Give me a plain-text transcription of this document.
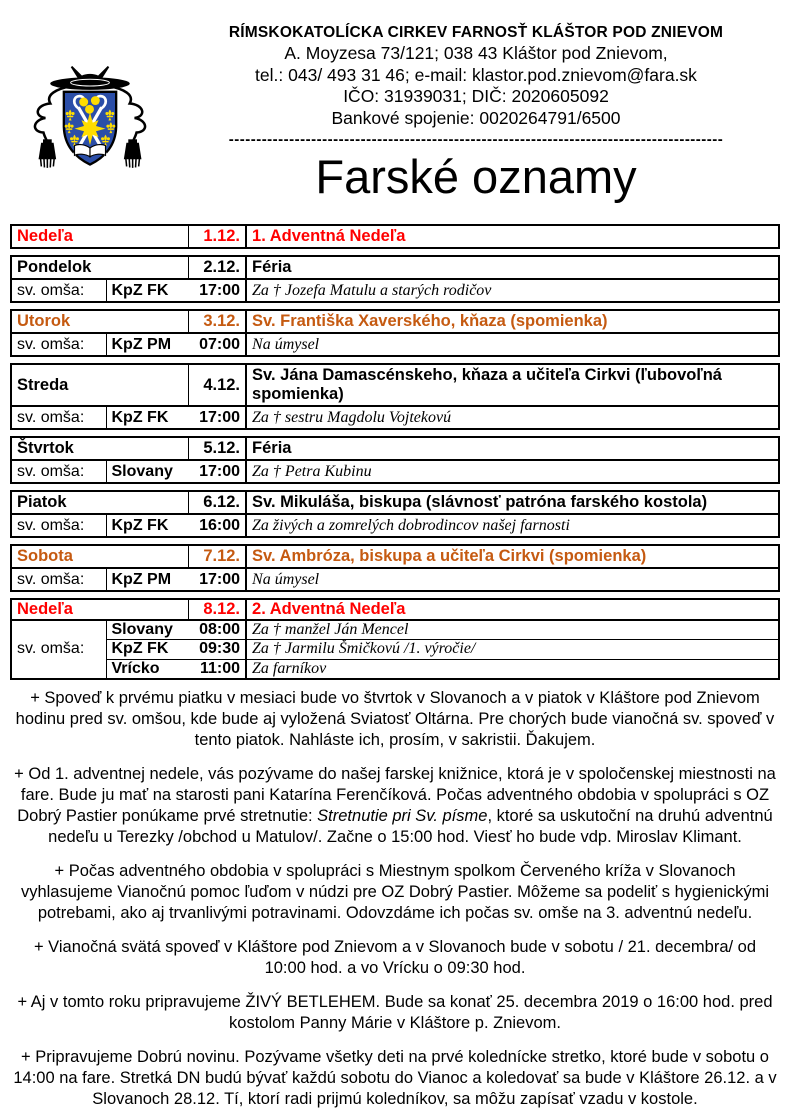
RÍMSKOKATOLÍCKA CIRKEV FARNOSŤ KLÁŠTOR POD ZNIEVOM
A. Moyzesa 73/121; 038 43 Kláštor pod Znievom,
tel.: 043/ 493 31 46; e-mail: klastor.pod.znievom@fara.sk
IČO: 31939031; DIČ: 2020605092
Bankové spojenie: 0020264791/6500
------------------------------------------------------------------------------------------
Farské oznamy
Nedeľa	1.12.	1. Adventná Nedeľa
Pondelok		2.12.	Féria
sv. omša:	KpZ FK	17:00	Za † Jozefa Matulu a starých rodičov
Utorok		3.12.	Sv. Františka Xaverského, kňaza (spomienka)
sv. omša:	KpZ PM	07:00	Na úmysel
Streda		4.12.	Sv. Jána Damascénskeho, kňaza a učiteľa Cirkvi (ľubovoľná spomienka)
sv. omša:	KpZ FK	17:00	Za † sestru Magdolu Vojtekovú
Štvrtok		5.12.	Féria
sv. omša:	Slovany	17:00	Za † Petra Kubinu
Piatok		6.12.	Sv. Mikuláša, biskupa (slávnosť patróna farského kostola)
sv. omša:	KpZ FK	16:00	Za živých a zomrelých dobrodincov našej farnosti
Sobota		7.12.	Sv. Ambróza, biskupa a učiteľa Cirkvi (spomienka)
sv. omša:	KpZ PM	17:00	Na úmysel
Nedeľa		8.12.	2. Adventná Nedeľa
sv. omša:	Slovany	08:00	Za † manžel Ján Mencel
	KpZ FK	09:30	Za † Jarmilu Šmičkovú /1. výročie/
	Vrícko	11:00	Za farníkov

+ Spoveď k prvému piatku v mesiaci bude vo štvrtok v Slovanoch a v piatok v Kláštore pod Znievom hodinu pred sv. omšou, kde bude aj vyložená Sviatosť Oltárna. Pre chorých bude vianočná sv. spoveď v tento piatok. Nahláste ich, prosím, v sakristii. Ďakujem.

+ Od 1. adventnej nedele, vás pozývame do našej farskej knižnice, ktorá je v spoločenskej miestnosti na fare. Bude ju mať na starosti pani Katarína Ferenčíková. Počas adventného obdobia v spolupráci s OZ Dobrý Pastier ponúkame prvé stretnutie: Stretnutie pri Sv. písme, ktoré sa uskutoční na druhú adventnú nedeľu u Terezky /obchod u Matulov/. Začne o 15:00 hod. Viesť ho bude vdp. Miroslav Klimant.

+ Počas adventného obdobia v spolupráci s Miestnym spolkom Červeného kríža v Slovanoch vyhlasujeme Vianočnú pomoc ľuďom v núdzi pre OZ Dobrý Pastier. Môžeme sa podeliť s hygienickými potrebami, ako aj trvanlivými potravinami. Odovzdáme ich počas sv. omše na 3. adventnú nedeľu.

+ Vianočná svätá spoveď v Kláštore pod Znievom a v Slovanoch bude v sobotu / 21. decembra/ od 10:00 hod. a vo Vrícku o 09:30 hod.

+ Aj v tomto roku pripravujeme ŽIVÝ BETLEHEM. Bude sa konať 25. decembra 2019 o 16:00 hod. pred kostolom Panny Márie v Kláštore p. Znievom.

+ Pripravujeme Dobrú novinu. Pozývame všetky deti na prvé kolednícke stretko, ktoré bude v sobotu o 14:00 na fare. Stretká DN budú bývať každú sobotu do Vianoc a koledovať sa bude v Kláštore 26.12. a v Slovanoch 28.12. Tí, ktorí radi prijmú koledníkov, sa môžu zapísať vzadu v kostole.
